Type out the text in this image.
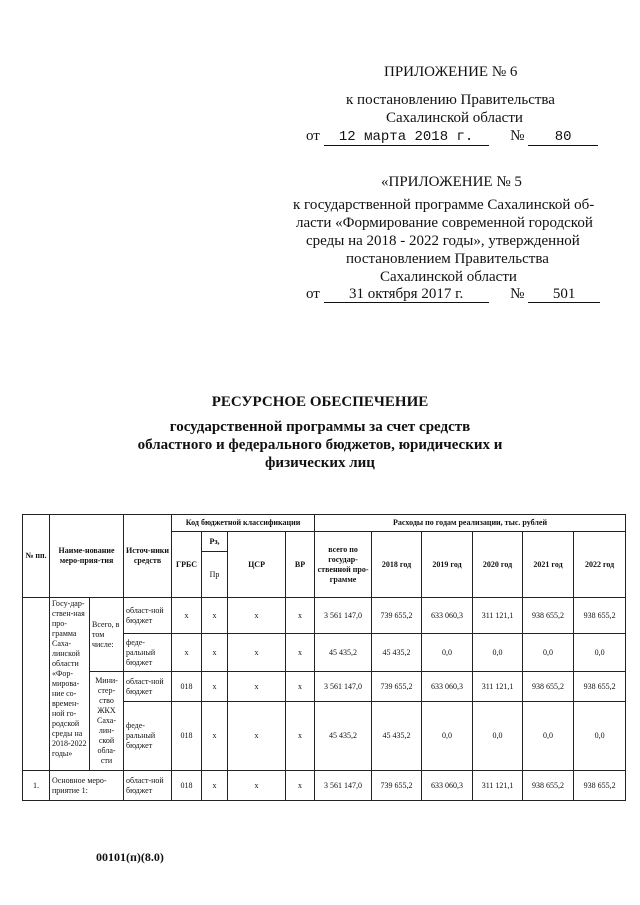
ПРИЛОЖЕНИЕ № 6
к постановлению Правительства
Сахалинской области
от 12 марта 2018 г. № 80
«ПРИЛОЖЕНИЕ № 5
к государственной программе Сахалинской об-
ласти «Формирование современной городской
среды на 2018 - 2022 годы», утвержденной
постановлением Правительства
Сахалинской области
от 31 октября 2017 г.	№ 501
РЕСУРСНОЕ ОБЕСПЕЧЕНИЕ
государственной программы за счет средств
областного и федерального бюджетов, юридических и
физических лиц
№ пп.	Наиме-нование меро-прия-тия		Источ-ники средств	Код бюджетной классификации				Расходы по годам реализации, тыс. рублей					
				ГРБС	Рз,	ЦСР	ВР	всего по государ-ственной про-грамме	2018 год	2019 год	2020 год	2021 год	2022 год
					Пр								
	Госу-дар-ствен-ная про-грамма Саха-линской области «Фор-мирова-ние со-времен-ной го-родской среды на 2018-2022 годы»	Всего, в том числе:	област-ной бюджет	х	х	х	х	3 561 147,0	739 655,2	633 060,3	311 121,1	938 655,2	938 655,2
			феде-ральный бюджет	х	х	х	х	45 435,2	45 435,2	0,0	0,0	0,0	0,0
		Мини-стер-ство ЖКХ Саха-лин-ской обла-сти	област-ной бюджет	018	х	х	х	3 561 147,0	739 655,2	633 060,3	311 121,1	938 655,2	938 655,2
			феде-ральный бюджет	018	х	х	х	45 435,2	45 435,2	0,0	0,0	0,0	0,0
1.	Основное меро-приятие 1:		област-ной бюджет	018	х	х	х	3 561 147,0	739 655,2	633 060,3	311 121,1	938 655,2	938 655,2
00101(п)(8.0)
